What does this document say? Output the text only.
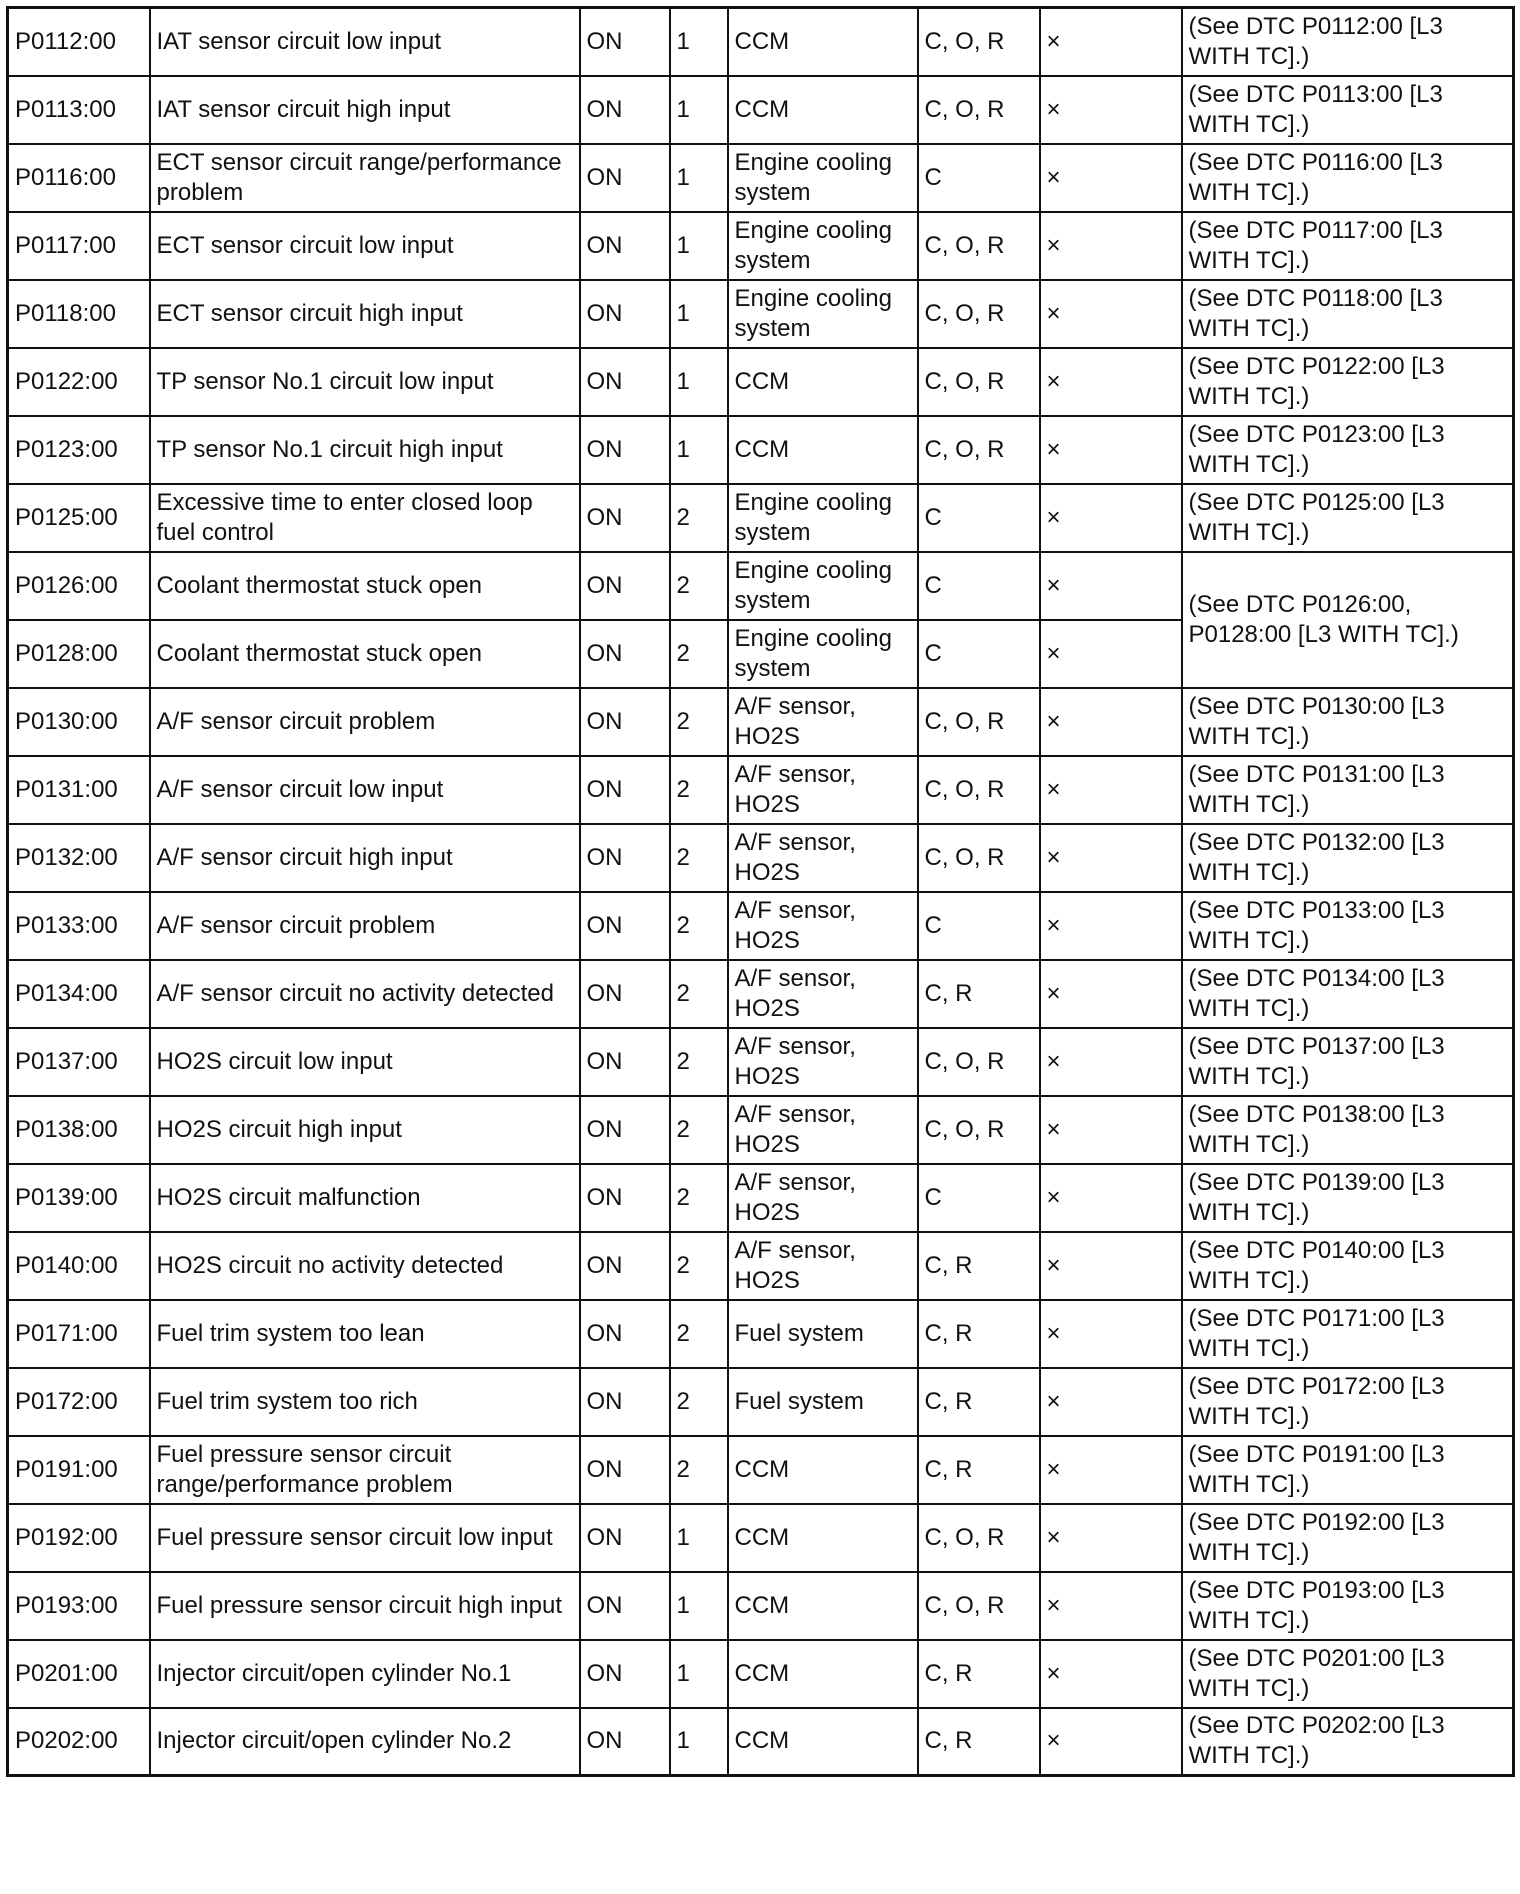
P0112:00	IAT sensor circuit low input	ON	1	CCM	C, O, R	×	(See DTC P0112:00 [L3 WITH TC].)
P0113:00	IAT sensor circuit high input	ON	1	CCM	C, O, R	×	(See DTC P0113:00 [L3 WITH TC].)
P0116:00	ECT sensor circuit range/performance problem	ON	1	Engine cooling system	C	×	(See DTC P0116:00 [L3 WITH TC].)
P0117:00	ECT sensor circuit low input	ON	1	Engine cooling system	C, O, R	×	(See DTC P0117:00 [L3 WITH TC].)
P0118:00	ECT sensor circuit high input	ON	1	Engine cooling system	C, O, R	×	(See DTC P0118:00 [L3 WITH TC].)
P0122:00	TP sensor No.1 circuit low input	ON	1	CCM	C, O, R	×	(See DTC P0122:00 [L3 WITH TC].)
P0123:00	TP sensor No.1 circuit high input	ON	1	CCM	C, O, R	×	(See DTC P0123:00 [L3 WITH TC].)
P0125:00	Excessive time to enter closed loop fuel control	ON	2	Engine cooling system	C	×	(See DTC P0125:00 [L3 WITH TC].)
P0126:00	Coolant thermostat stuck open	ON	2	Engine cooling system	C	×	(See DTC P0126:00, P0128:00 [L3 WITH TC].)
P0128:00	Coolant thermostat stuck open	ON	2	Engine cooling system	C	×	
P0130:00	A/F sensor circuit problem	ON	2	A/F sensor, HO2S	C, O, R	×	(See DTC P0130:00 [L3 WITH TC].)
P0131:00	A/F sensor circuit low input	ON	2	A/F sensor, HO2S	C, O, R	×	(See DTC P0131:00 [L3 WITH TC].)
P0132:00	A/F sensor circuit high input	ON	2	A/F sensor, HO2S	C, O, R	×	(See DTC P0132:00 [L3 WITH TC].)
P0133:00	A/F sensor circuit problem	ON	2	A/F sensor, HO2S	C	×	(See DTC P0133:00 [L3 WITH TC].)
P0134:00	A/F sensor circuit no activity detected	ON	2	A/F sensor, HO2S	C, R	×	(See DTC P0134:00 [L3 WITH TC].)
P0137:00	HO2S circuit low input	ON	2	A/F sensor, HO2S	C, O, R	×	(See DTC P0137:00 [L3 WITH TC].)
P0138:00	HO2S circuit high input	ON	2	A/F sensor, HO2S	C, O, R	×	(See DTC P0138:00 [L3 WITH TC].)
P0139:00	HO2S circuit malfunction	ON	2	A/F sensor, HO2S	C	×	(See DTC P0139:00 [L3 WITH TC].)
P0140:00	HO2S circuit no activity detected	ON	2	A/F sensor, HO2S	C, R	×	(See DTC P0140:00 [L3 WITH TC].)
P0171:00	Fuel trim system too lean	ON	2	Fuel system	C, R	×	(See DTC P0171:00 [L3 WITH TC].)
P0172:00	Fuel trim system too rich	ON	2	Fuel system	C, R	×	(See DTC P0172:00 [L3 WITH TC].)
P0191:00	Fuel pressure sensor circuit range/performance problem	ON	2	CCM	C, R	×	(See DTC P0191:00 [L3 WITH TC].)
P0192:00	Fuel pressure sensor circuit low input	ON	1	CCM	C, O, R	×	(See DTC P0192:00 [L3 WITH TC].)
P0193:00	Fuel pressure sensor circuit high input	ON	1	CCM	C, O, R	×	(See DTC P0193:00 [L3 WITH TC].)
P0201:00	Injector circuit/open cylinder No.1	ON	1	CCM	C, R	×	(See DTC P0201:00 [L3 WITH TC].)
P0202:00	Injector circuit/open cylinder No.2	ON	1	CCM	C, R	×	(See DTC P0202:00 [L3 WITH TC].)
